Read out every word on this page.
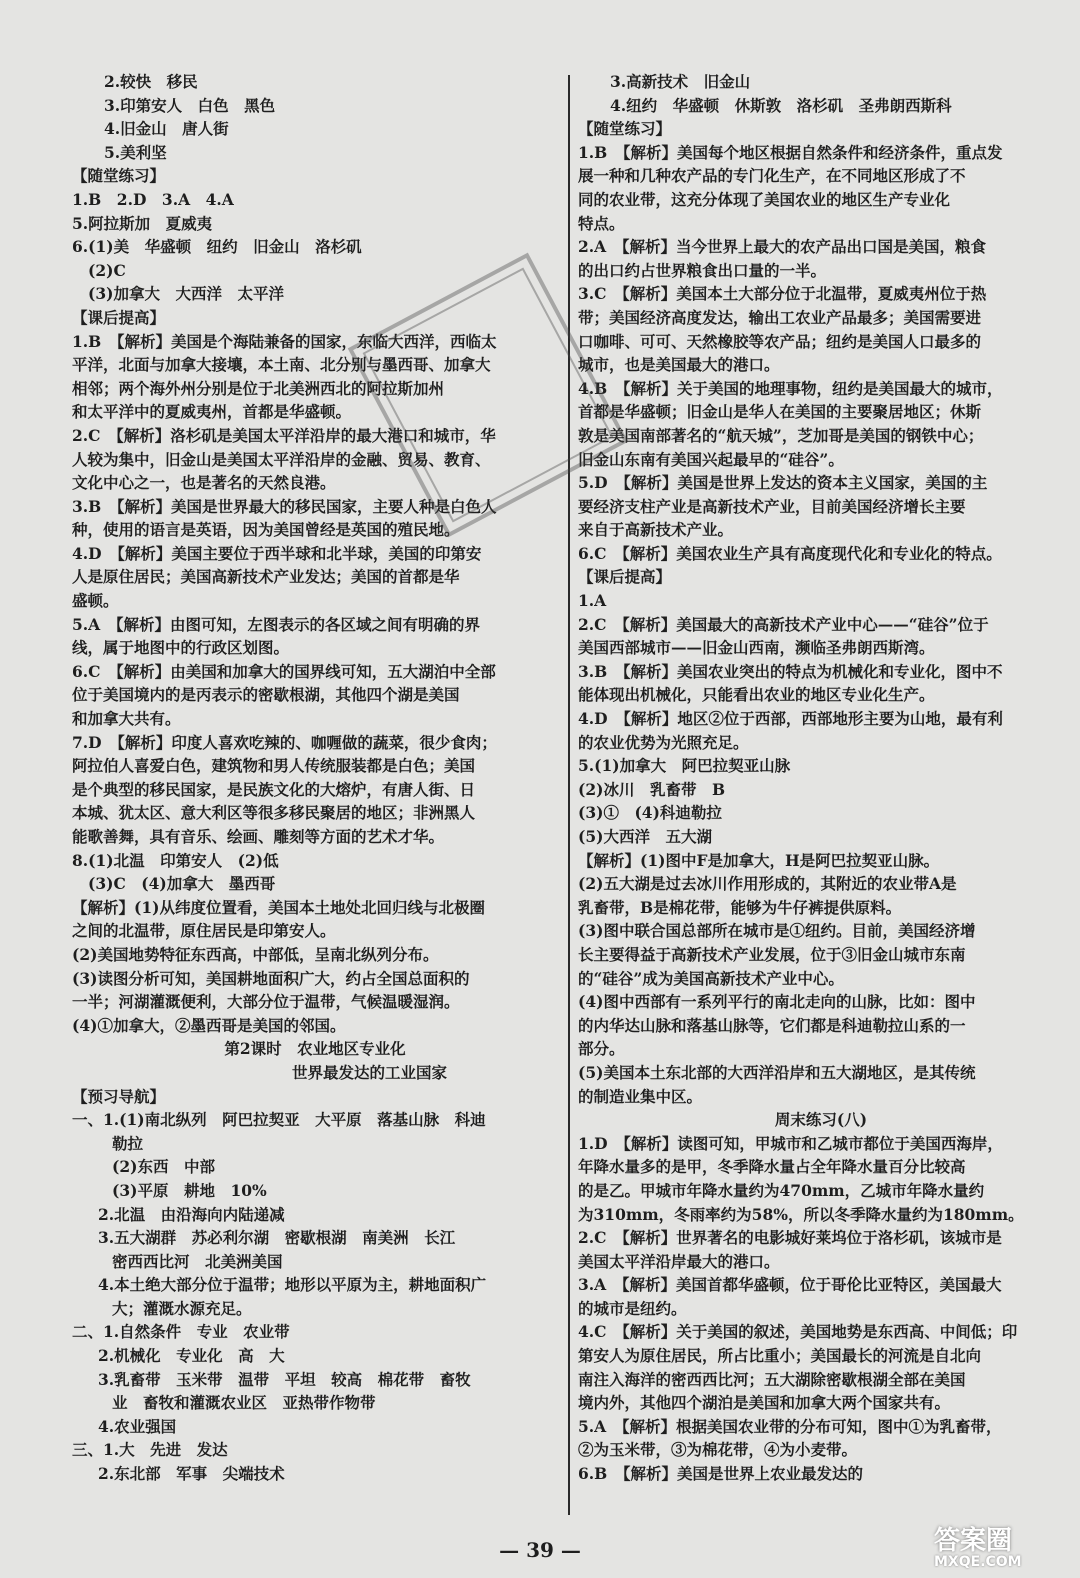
2.较快　移民
3.印第安人　白色　黑色
4.旧金山　唐人街
5.美利坚
【随堂练习】
1.B　2.D　3.A　4.A
5.阿拉斯加　夏威夷
6.(1)美　华盛顿　纽约　旧金山　洛杉矶
(2)C
(3)加拿大　大西洋　太平洋
【课后提高】
1.B　【解析】美国是个海陆兼备的国家，东临大西洋，西临太
平洋，北面与加拿大接壤，本土南、北分别与墨西哥、加拿大
相邻；两个海外州分别是位于北美洲西北的阿拉斯加州
和太平洋中的夏威夷州，首都是华盛顿。
2.C　【解析】洛杉矶是美国太平洋沿岸的最大港口和城市，华
人较为集中，旧金山是美国太平洋沿岸的金融、贸易、教育、
文化中心之一，也是著名的天然良港。
3.B　【解析】美国是世界最大的移民国家，主要人种是白色人
种，使用的语言是英语，因为美国曾经是英国的殖民地。
4.D　【解析】美国主要位于西半球和北半球，美国的印第安
人是原住居民；美国高新技术产业发达；美国的首都是华
盛顿。
5.A　【解析】由图可知，左图表示的各区域之间有明确的界
线，属于地图中的行政区划图。
6.C　【解析】由美国和加拿大的国界线可知，五大湖泊中全部
位于美国境内的是丙表示的密歇根湖，其他四个湖是美国
和加拿大共有。
7.D　【解析】印度人喜欢吃辣的、咖喱做的蔬菜，很少食肉；
阿拉伯人喜爱白色，建筑物和男人传统服装都是白色；美国
是个典型的移民国家，是民族文化的大熔炉，有唐人街、日
本城、犹太区、意大利区等很多移民聚居的地区；非洲黑人
能歌善舞，具有音乐、绘画、雕刻等方面的艺术才华。
8.(1)北温　印第安人　(2)低
(3)C　(4)加拿大　墨西哥
【解析】(1)从纬度位置看，美国本土地处北回归线与北极圈
之间的北温带，原住居民是印第安人。
(2)美国地势特征东西高，中部低，呈南北纵列分布。
(3)读图分析可知，美国耕地面积广大，约占全国总面积的
一半；河湖灌溉便利，大部分位于温带，气候温暖湿润。
(4)①加拿大，②墨西哥是美国的邻国。
第2课时　农业地区专业化
世界最发达的工业国家
【预习导航】
一、1.(1)南北纵列　阿巴拉契亚　大平原　落基山脉　科迪
勒拉
(2)东西　中部
(3)平原　耕地　10%
2.北温　由沿海向内陆递减
3.五大湖群　苏必利尔湖　密歇根湖　南美洲　长江
密西西比河　北美洲美国
4.本土绝大部分位于温带；地形以平原为主，耕地面积广
大；灌溉水源充足。
二、1.自然条件　专业　农业带
2.机械化　专业化　高　大
3.乳畜带　玉米带　温带　平坦　较高　棉花带　畜牧
业　畜牧和灌溉农业区　亚热带作物带
4.农业强国
三、1.大　先进　发达
2.东北部　军事　尖端技术
3.高新技术　旧金山
4.纽约　华盛顿　休斯敦　洛杉矶　圣弗朗西斯科
【随堂练习】
1.B　【解析】美国每个地区根据自然条件和经济条件，重点发
展一种和几种农产品的专门化生产，在不同地区形成了不
同的农业带，这充分体现了美国农业的地区生产专业化
特点。
2.A　【解析】当今世界上最大的农产品出口国是美国，粮食
的出口约占世界粮食出口量的一半。
3.C　【解析】美国本土大部分位于北温带，夏威夷州位于热
带；美国经济高度发达，输出工农业产品最多；美国需要进
口咖啡、可可、天然橡胶等农产品；纽约是美国人口最多的
城市，也是美国最大的港口。
4.B　【解析】关于美国的地理事物，纽约是美国最大的城市，
首都是华盛顿；旧金山是华人在美国的主要聚居地区；休斯
敦是美国南部著名的“航天城”，芝加哥是美国的钢铁中心；
旧金山东南有美国兴起最早的“硅谷”。
5.D　【解析】美国是世界上发达的资本主义国家，美国的主
要经济支柱产业是高新技术产业，目前美国经济增长主要
来自于高新技术产业。
6.C　【解析】美国农业生产具有高度现代化和专业化的特点。
【课后提高】
1.A
2.C　【解析】美国最大的高新技术产业中心——“硅谷”位于
美国西部城市——旧金山西南，濒临圣弗朗西斯湾。
3.B　【解析】美国农业突出的特点为机械化和专业化，图中不
能体现出机械化，只能看出农业的地区专业化生产。
4.D　【解析】地区②位于西部，西部地形主要为山地，最有利
的农业优势为光照充足。
5.(1)加拿大　阿巴拉契亚山脉
(2)冰川　乳畜带　B
(3)①　(4)科迪勒拉
(5)大西洋　五大湖
【解析】(1)图中F是加拿大，H是阿巴拉契亚山脉。
(2)五大湖是过去冰川作用形成的，其附近的农业带A是
乳畜带，B是棉花带，能够为牛仔裤提供原料。
(3)图中联合国总部所在城市是①纽约。目前，美国经济增
长主要得益于高新技术产业发展，位于③旧金山城市东南
的“硅谷”成为美国高新技术产业中心。
(4)图中西部有一系列平行的南北走向的山脉，比如：图中
的内华达山脉和落基山脉等，它们都是科迪勒拉山系的一
部分。
(5)美国本土东北部的大西洋沿岸和五大湖地区，是其传统
的制造业集中区。
周末练习(八)
1.D　【解析】读图可知，甲城市和乙城市都位于美国西海岸，
年降水量多的是甲，冬季降水量占全年降水量百分比较高
的是乙。甲城市年降水量约为470mm，乙城市年降水量约
为310mm，冬雨率约为58%，所以冬季降水量约为180mm。
2.C　【解析】世界著名的电影城好莱坞位于洛杉矶，该城市是
美国太平洋沿岸最大的港口。
3.A　【解析】美国首都华盛顿，位于哥伦比亚特区，美国最大
的城市是纽约。
4.C　【解析】关于美国的叙述，美国地势是东西高、中间低；印
第安人为原住居民，所占比重小；美国最长的河流是自北向
南注入海洋的密西西比河；五大湖除密歇根湖全部在美国
境内外，其他四个湖泊是美国和加拿大两个国家共有。
5.A　【解析】根据美国农业带的分布可知，图中①为乳畜带，
②为玉米带，③为棉花带，④为小麦带。
6.B　【解析】美国是世界上农业最发达的
— 39 —	答案圈
MXQE.COM
